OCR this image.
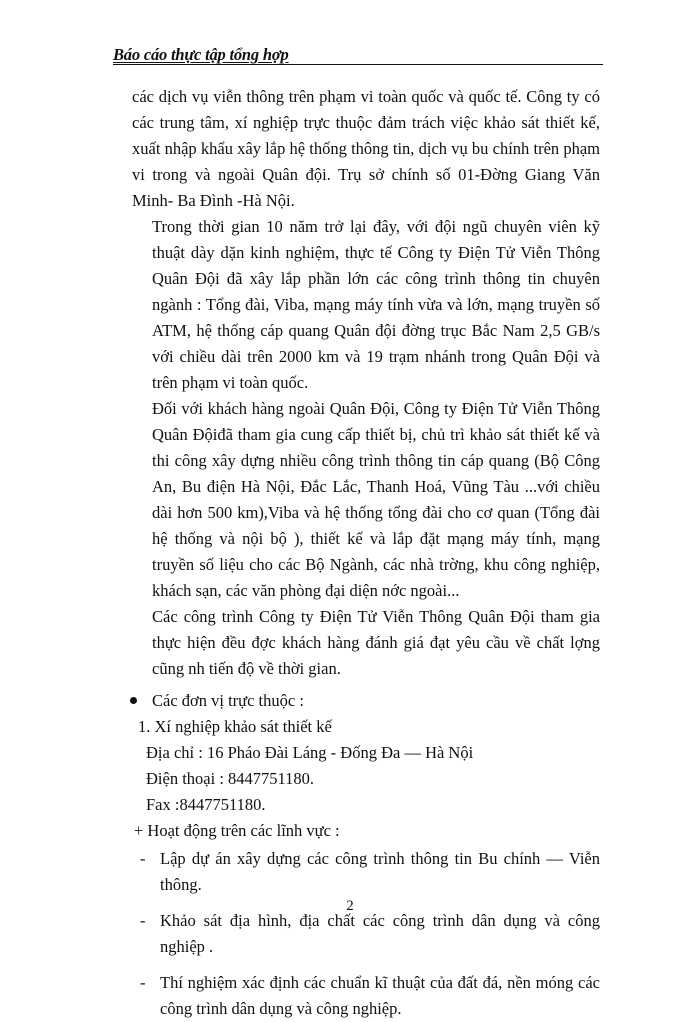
Báo cáo thực tập tổng hợp

các dịch vụ viễn thông trên phạm vi toàn quốc và quốc tế. Công ty có các trung tâm, xí nghiệp trực thuộc đảm trách việc khảo sát thiết kế, xuất nhập khẩu xây lắp hệ thống thông tin, dịch vụ bu chính trên phạm vi trong và ngoài Quân đội. Trụ sở chính số 01-Đờng Giang Văn Minh- Ba Đình -Hà Nội.

Trong thời gian 10 năm trở lại đây, với đội ngũ chuyên viên kỹ thuật dày dặn kinh nghiệm, thực tế Công ty Điện Tử Viễn Thông Quân Đội đã xây lắp phần lớn các công trình thông tin chuyên ngành : Tổng đài, Viba, mạng máy tính vừa và lớn, mạng truyền số ATM, hệ thống cáp quang Quân đội đờng trục Bắc Nam 2,5 GB/s với chiều dài trên 2000 km và 19 trạm nhánh trong Quân Đội và trên phạm vi toàn quốc.

Đối với khách hàng ngoài Quân Đội, Công ty Điện Tử Viễn Thông Quân Độiđã tham gia cung cấp thiết bị, chủ trì khảo sát thiết kế và thi công xây dựng nhiều công trình thông tin cáp quang (Bộ Công An, Bu điện Hà Nội, Đắc Lắc, Thanh Hoá, Vũng Tàu ...với chiều dài hơn 500 km),Viba và hệ thống tổng đài cho cơ quan (Tổng đài hệ thống và nội bộ ), thiết kế và lắp đặt mạng máy tính, mạng truyền số liệu cho các Bộ Ngành, các nhà trờng, khu công nghiệp, khách sạn, các văn phòng đại diện nớc ngoài...

Các công trình Công ty Điện Tử Viễn Thông Quân Đội tham gia thực hiện đều đợc khách hàng đánh giá đạt yêu cầu về chất lợng cũng nh tiến độ về thời gian.

Các đơn vị trực thuộc :
1. Xí nghiệp khảo sát thiết kế
Địa chỉ : 16 Pháo Đài Láng - Đống Đa — Hà Nội
Điện thoại : 8447751180.
Fax :8447751180.
+ Hoạt động trên các lĩnh vực :
- Lập dự án xây dựng các công trình thông tin Bu chính — Viễn thông.
- Khảo sát địa hình, địa chất các công trình dân dụng và công nghiệp .
- Thí nghiệm xác định các chuẩn kĩ thuật của đất đá, nền móng các công trình dân dụng và công nghiệp.
2
